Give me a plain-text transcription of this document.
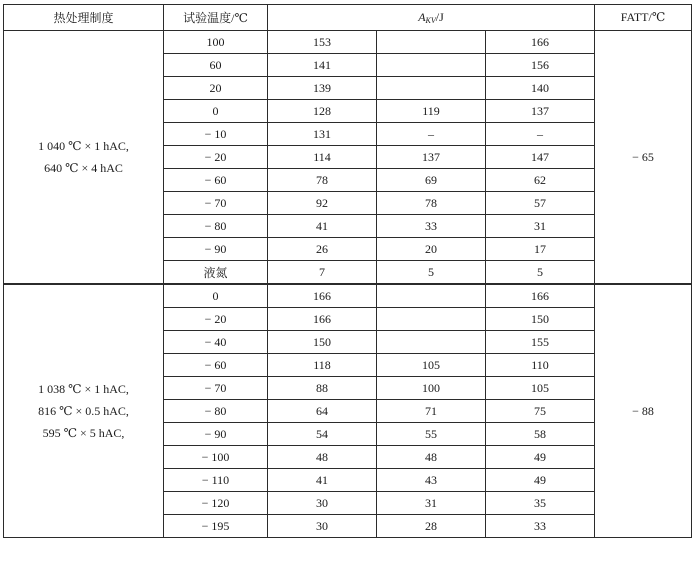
热处理制度	试验温度/℃	$A_{KV}/J$			FATT/℃

1 040 ℃ × 1 hAC,
640 ℃ × 4 hAC	100	153		166	− 65
	60	141		156	
	20	139		140	
	0	128	119	137	
	− 10	131	–	–	
	− 20	114	137	147	
	− 60	78	69	62	
	− 70	92	78	57	
	− 80	41	33	31	
	− 90	26	20	17	
	液氮	7	5	5	

1 038 ℃ × 1 hAC,
816 ℃ × 0.5 hAC,
595 ℃ × 5 hAC,	0	166		166	− 88
	− 20	166		150	
	− 40	150		155	
	− 60	118	105	110	
	− 70	88	100	105	
	− 80	64	71	75	
	− 90	54	55	58	
	− 100	48	48	49	
	− 110	41	43	49	
	− 120	30	31	35	
	− 195	30	28	33	
